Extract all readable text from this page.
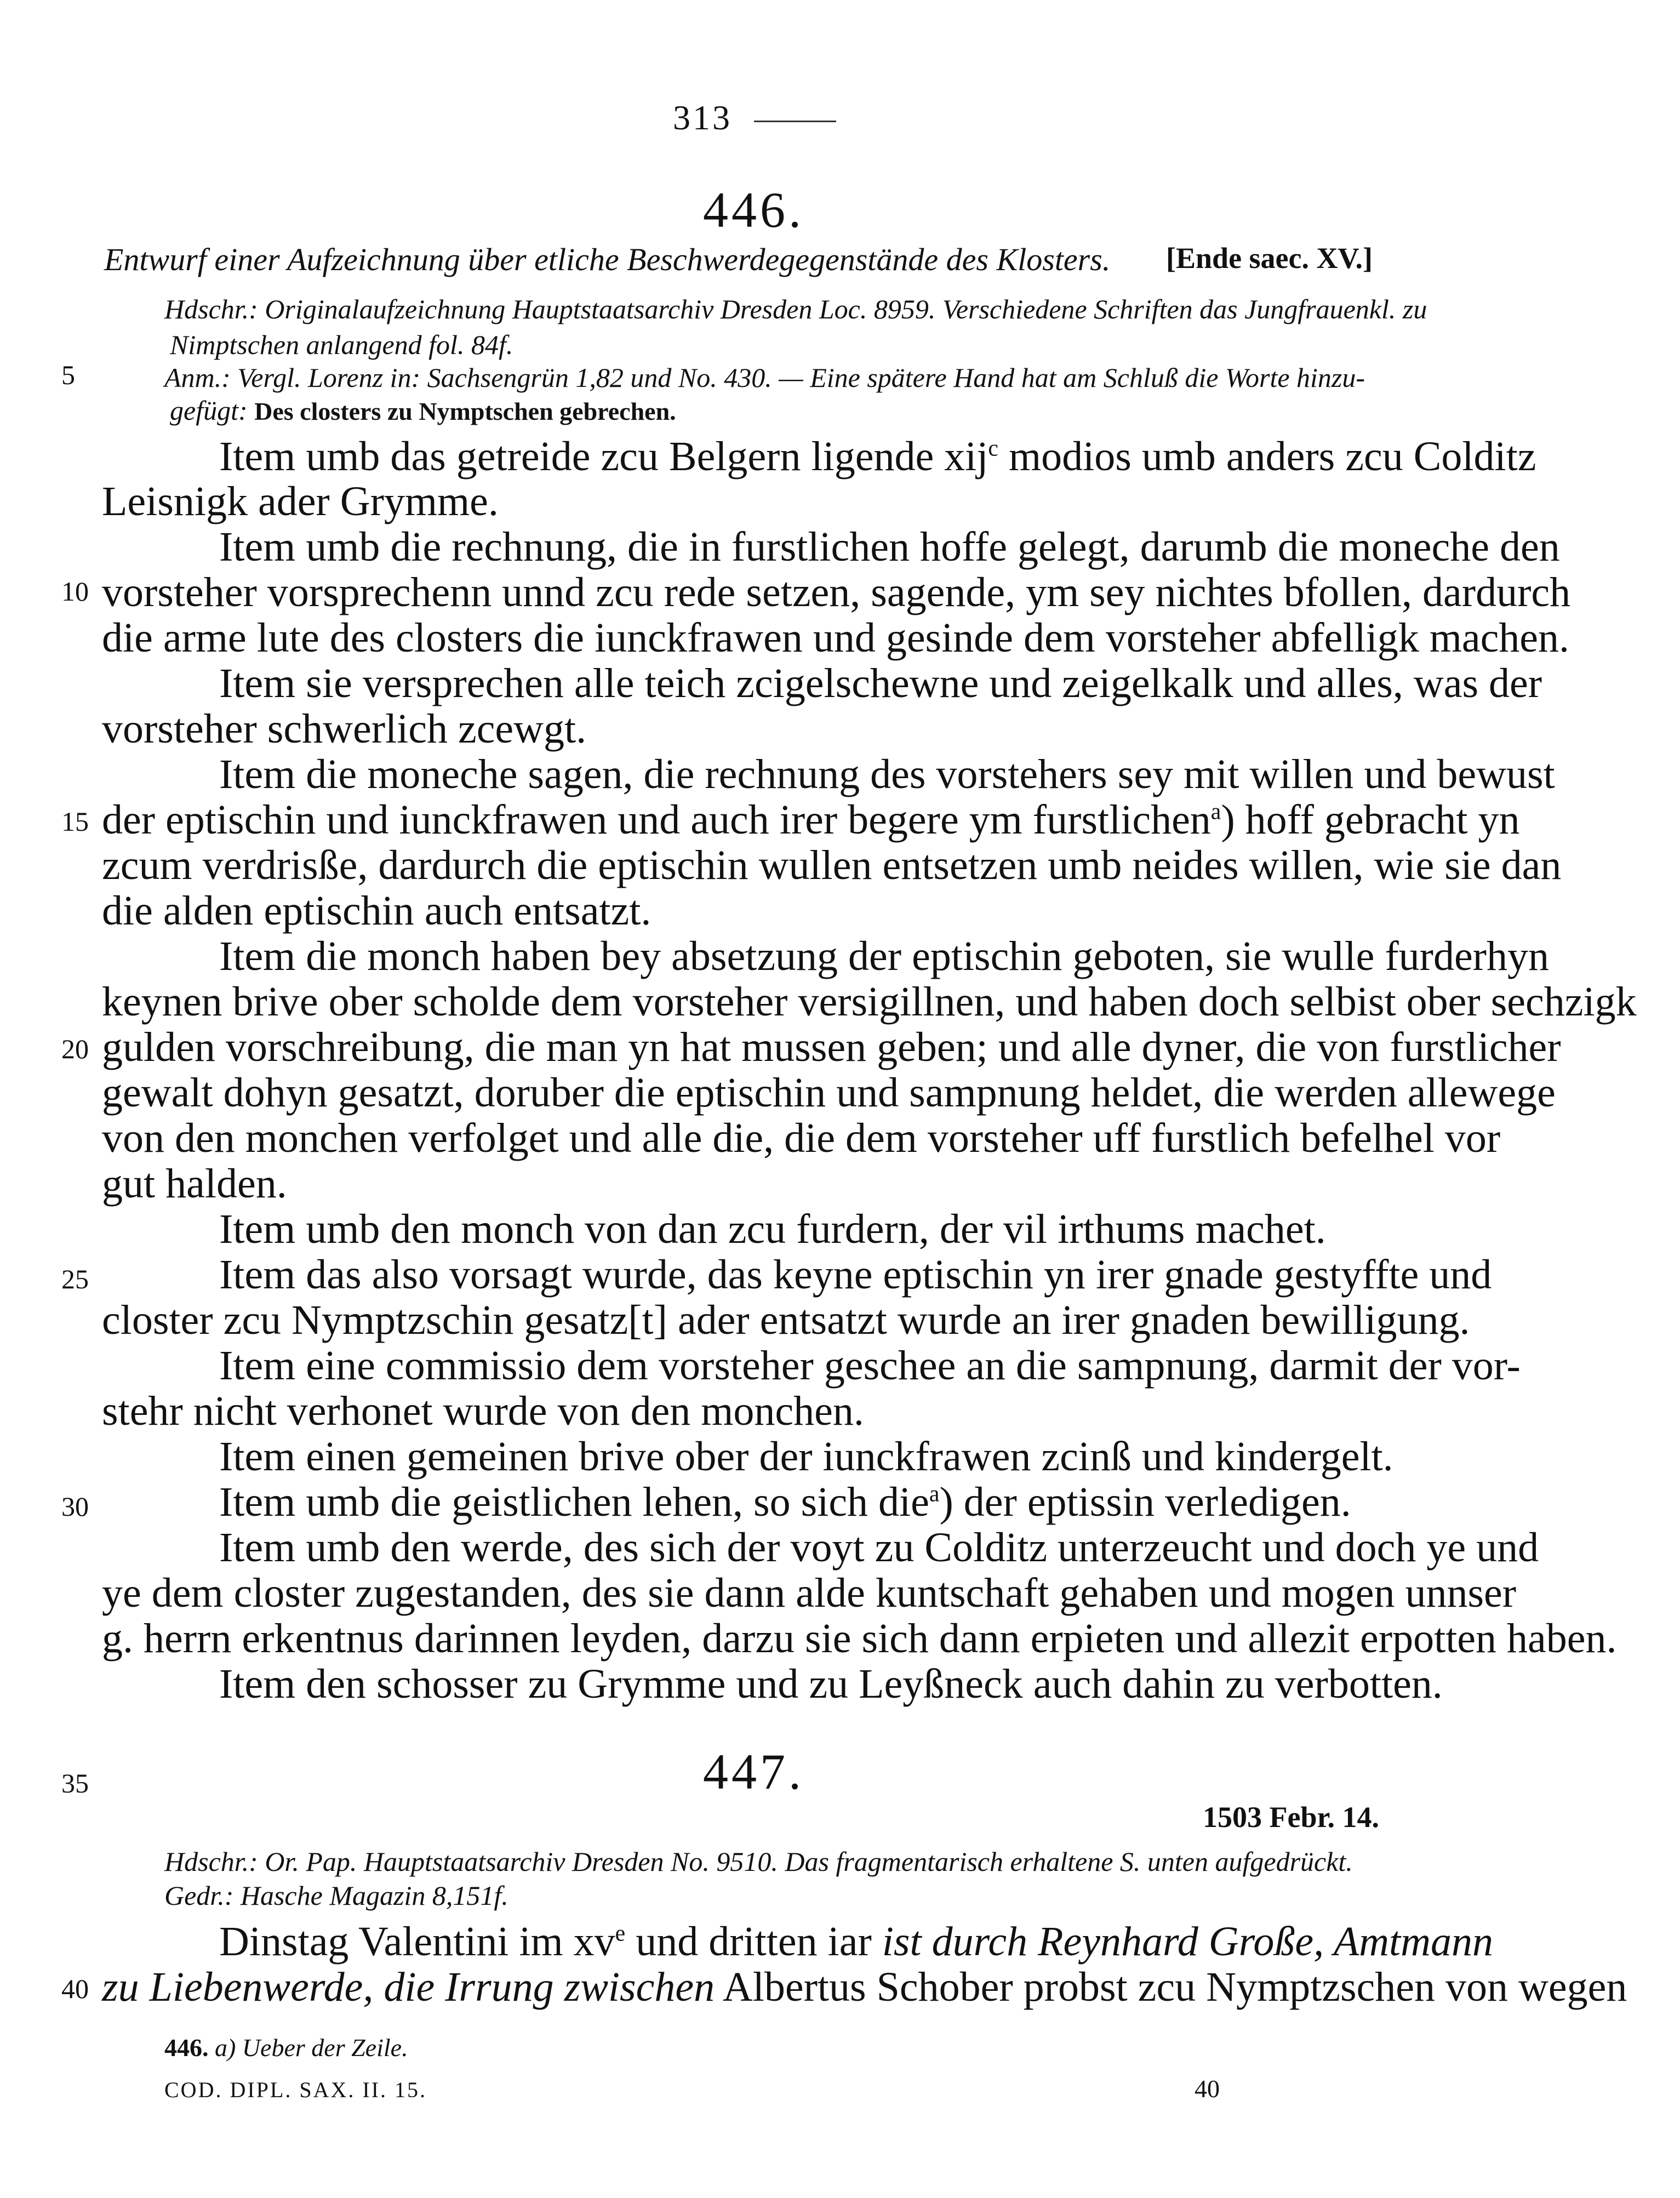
313
446.
Entwurf einer Aufzeichnung über etliche Beschwerdegegenstände des Klosters. [Ende saec. XV.]
Hdschr.: Originalaufzeichnung Hauptstaatsarchiv Dresden Loc. 8959. Verschiedene Schriften das Jungfrauenkl. zu
Nimptschen anlangend fol. 84f.
5	Anm.: Vergl. Lorenz in: Sachsengrün 1,82 und No. 430. — Eine spätere Hand hat am Schluß die Worte hinzu-
gefügt: Des closters zu Nymptschen gebrechen.
Item umb das getreide zcu Belgern ligende xij$^c$ modios umb anders zcu Colditz
Leisnigk ader Grymme.
Item umb die rechnung, die in furstlichen hoffe gelegt, darumb die moneche den
10 vorsteher vorsprechenn unnd zcu rede setzen, sagende, ym sey nichtes bfollen, dardurch
die arme lute des closters die iunckfrawen und gesinde dem vorsteher abfelligk machen.
Item sie versprechen alle teich zcigelschewne und zeigelkalk und alles, was der
vorsteher schwerlich zcewgt.
Item die moneche sagen, die rechnung des vorstehers sey mit willen und bewust
15 der eptischin und iunckfrawen und auch irer begere ym furstlichen$^a$) hoff gebracht yn
zcum verdrisße, dardurch die eptischin wullen entsetzen umb neides willen, wie sie dan
die alden eptischin auch entsatzt.
Item die monch haben bey absetzung der eptischin geboten, sie wulle furderhyn
keynen brive ober scholde dem vorsteher versigillnen, und haben doch selbist ober sechzigk
20 gulden vorschreibung, die man yn hat mussen geben; und alle dyner, die von furstlicher
gewalt dohyn gesatzt, doruber die eptischin und sampnung heldet, die werden allewege
von den monchen verfolget und alle die, die dem vorsteher uff furstlich befelhel vor
gut halden.
Item umb den monch von dan zcu furdern, der vil irthums machet.
25	Item das also vorsagt wurde, das keyne eptischin yn irer gnade gestyffte und
closter zcu Nymptzschin gesatz[t] ader entsatzt wurde an irer gnaden bewilligung.
Item eine commissio dem vorsteher geschee an die sampnung, darmit der vor-
stehr nicht verhonet wurde von den monchen.
Item einen gemeinen brive ober der iunckfrawen zcinß und kindergelt.
30	Item umb die geistlichen lehen, so sich die$^a$) der eptissin verledigen.
Item umb den werde, des sich der voyt zu Colditz unterzeucht und doch ye und
ye dem closter zugestanden, des sie dann alde kuntschaft gehaben und mogen unnser
g. herrn erkentnus darinnen leyden, darzu sie sich dann erpieten und allezit erpotten haben.
Item den schosser zu Grymme und zu Leyßneck auch dahin zu verbotten.
35	447.
1503 Febr. 14.
Hdschr.: Or. Pap. Hauptstaatsarchiv Dresden No. 9510. Das fragmentarisch erhaltene S. unten aufgedrückt.
Gedr.: Hasche Magazin 8,151f.
Dinstag Valentini im $xv^e$ und dritten iar ist durch Reynhard Große, Amtmann
40 zu Liebenwerde, die Irrung zwischen Albertus Schober probst zcu Nymptzschen von wegen
446. a) Ueber der Zeile.
COD. DIPL. SAX. II. 15.	40
